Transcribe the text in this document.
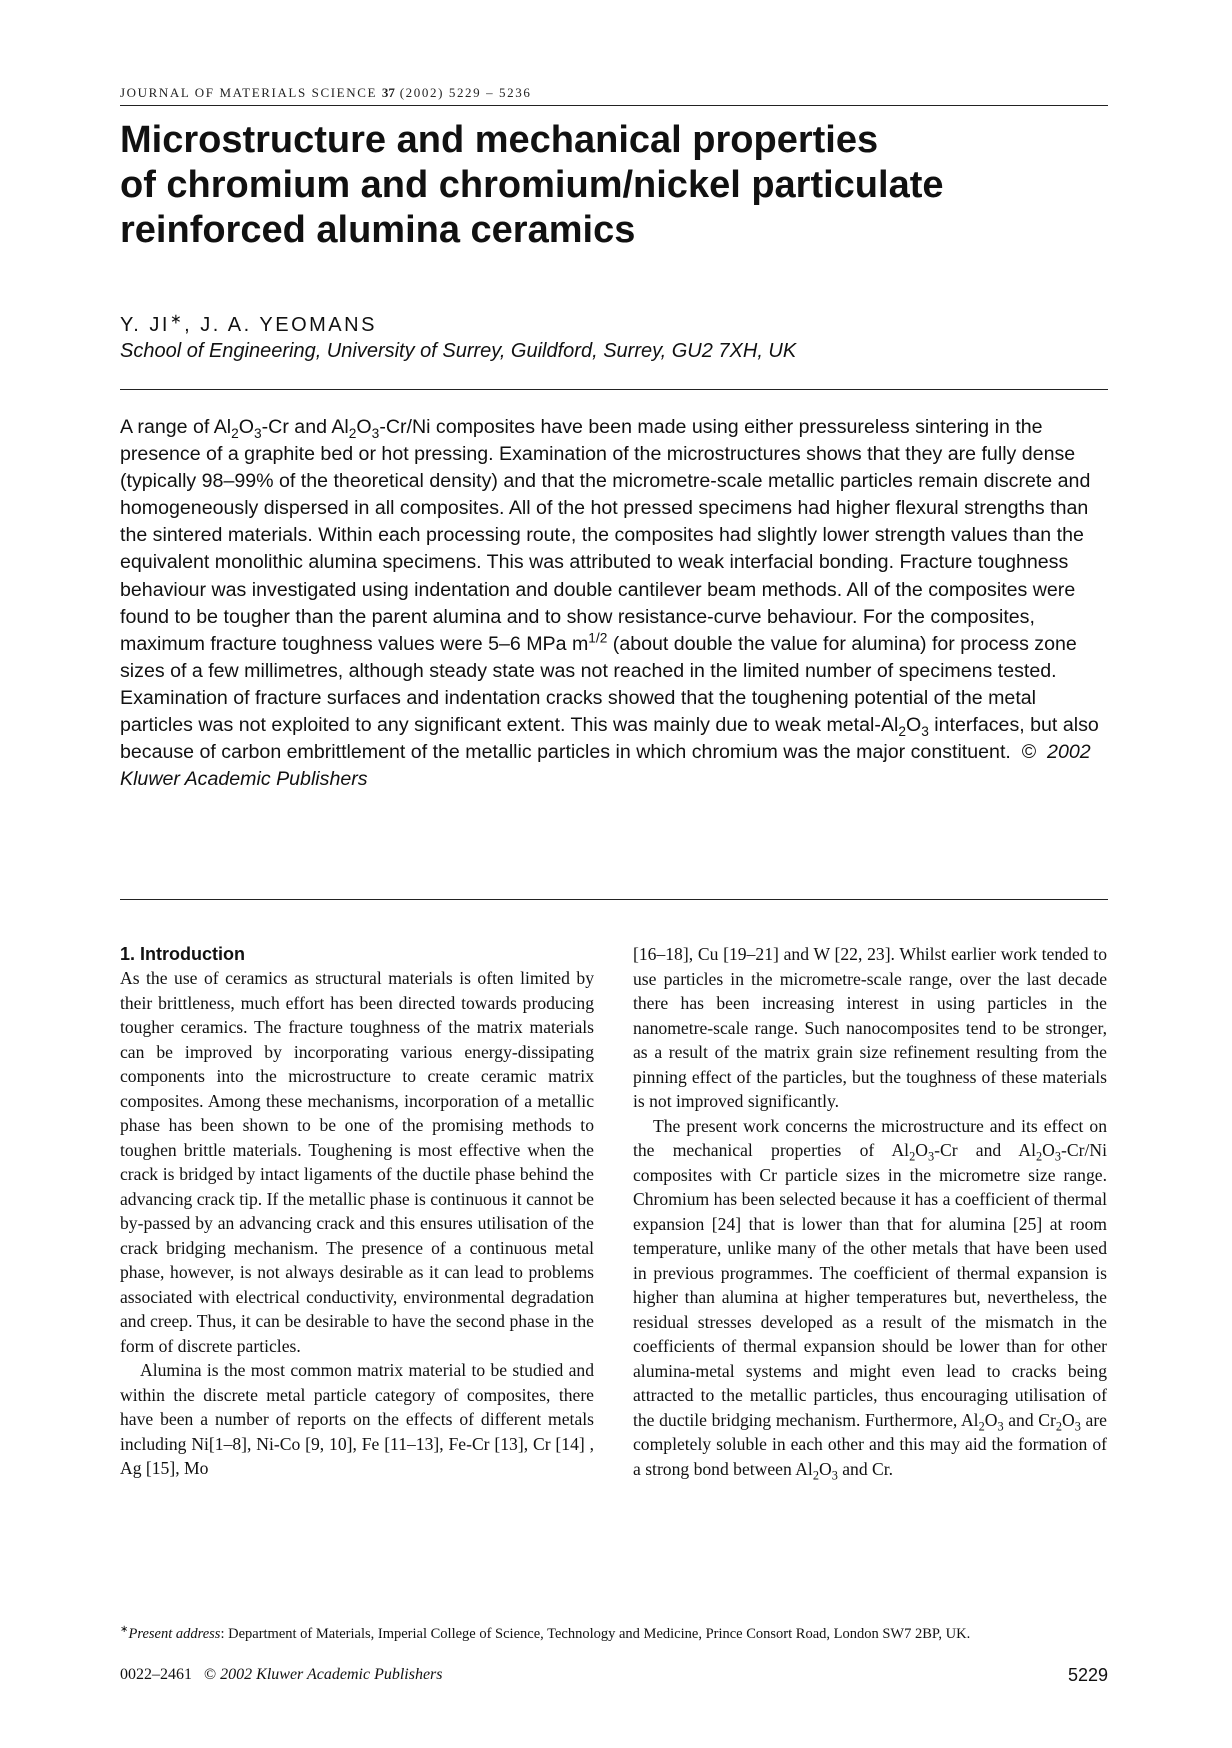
JOURNAL OF MATERIALS SCIENCE 37 (2002) 5229 – 5236
Microstructure and mechanical properties
of chromium and chromium/nickel particulate
reinforced alumina ceramics
Y. JI∗, J. A. YEOMANS
School of Engineering, University of Surrey, Guildford, Surrey, GU2 7XH, UK

A range of $Al_2O_3-Cr$ and $Al_2O_3-Cr/Ni$ composites have been made using either pressureless sintering in the presence of a graphite bed or hot pressing. Examination of the microstructures shows that they are fully dense (typically 98–99% of the theoretical density) and that the micrometre-scale metallic particles remain discrete and homogeneously dispersed in all composites. All of the hot pressed specimens had higher flexural strengths than the sintered materials. Within each processing route, the composites had slightly lower strength values than the equivalent monolithic alumina specimens. This was attributed to weak interfacial bonding. Fracture toughness behaviour was investigated using indentation and double cantilever beam methods. All of the composites were found to be tougher than the parent alumina and to show resistance-curve behaviour. For the composites, maximum fracture toughness values were 5–6 MPa $m^{1/2}$ (about double the value for alumina) for process zone sizes of a few millimetres, although steady state was not reached in the limited number of specimens tested. Examination of fracture surfaces and indentation cracks showed that the toughening potential of the metal particles was not exploited to any significant extent. This was mainly due to weak metal-$Al_2O_3$ interfaces, but also because of carbon embrittlement of the metallic particles in which chromium was the major constituent. © 2002 Kluwer Academic Publishers

1. Introduction

As the use of ceramics as structural materials is often limited by their brittleness, much effort has been directed towards producing tougher ceramics. The fracture toughness of the matrix materials can be improved by incorporating various energy-dissipating components into the microstructure to create ceramic matrix composites. Among these mechanisms, incorporation of a metallic phase has been shown to be one of the promising methods to toughen brittle materials. Toughening is most effective when the crack is bridged by intact ligaments of the ductile phase behind the advancing crack tip. If the metallic phase is continuous it cannot be by-passed by an advancing crack and this ensures utilisation of the crack bridging mechanism. The presence of a continuous metal phase, however, is not always desirable as it can lead to problems associated with electrical conductivity, environmental degradation and creep. Thus, it can be desirable to have the second phase in the form of discrete particles.

Alumina is the most common matrix material to be studied and within the discrete metal particle category of composites, there have been a number of reports on the effects of different metals including Ni[1–8], Ni-Co [9, 10], Fe [11–13], Fe-Cr [13], Cr [14] , Ag [15], Mo

[16–18], Cu [19–21] and W [22, 23]. Whilst earlier work tended to use particles in the micrometre-scale range, over the last decade there has been increasing interest in using particles in the nanometre-scale range. Such nanocomposites tend to be stronger, as a result of the matrix grain size refinement resulting from the pinning effect of the particles, but the toughness of these materials is not improved significantly.

The present work concerns the microstructure and its effect on the mechanical properties of $Al_2O_3-Cr$ and $Al_2O_3-Cr/Ni$ composites with Cr particle sizes in the micrometre size range. Chromium has been selected because it has a coefficient of thermal expansion [24] that is lower than that for alumina [25] at room temperature, unlike many of the other metals that have been used in previous programmes. The coefficient of thermal expansion is higher than alumina at higher temperatures but, nevertheless, the residual stresses developed as a result of the mismatch in the coefficients of thermal expansion should be lower than for other alumina-metal systems and might even lead to cracks being attracted to the metallic particles, thus encouraging utilisation of the ductile bridging mechanism. Furthermore, $Al_2O_3$ and $Cr_2O_3$ are completely soluble in each other and this may aid the formation of a strong bond between $Al_2O_3$ and Cr.

∗Present address: Department of Materials, Imperial College of Science, Technology and Medicine, Prince Consort Road, London SW7 2BP, UK.
0022–2461 © 2002 Kluwer Academic Publishers	5229
